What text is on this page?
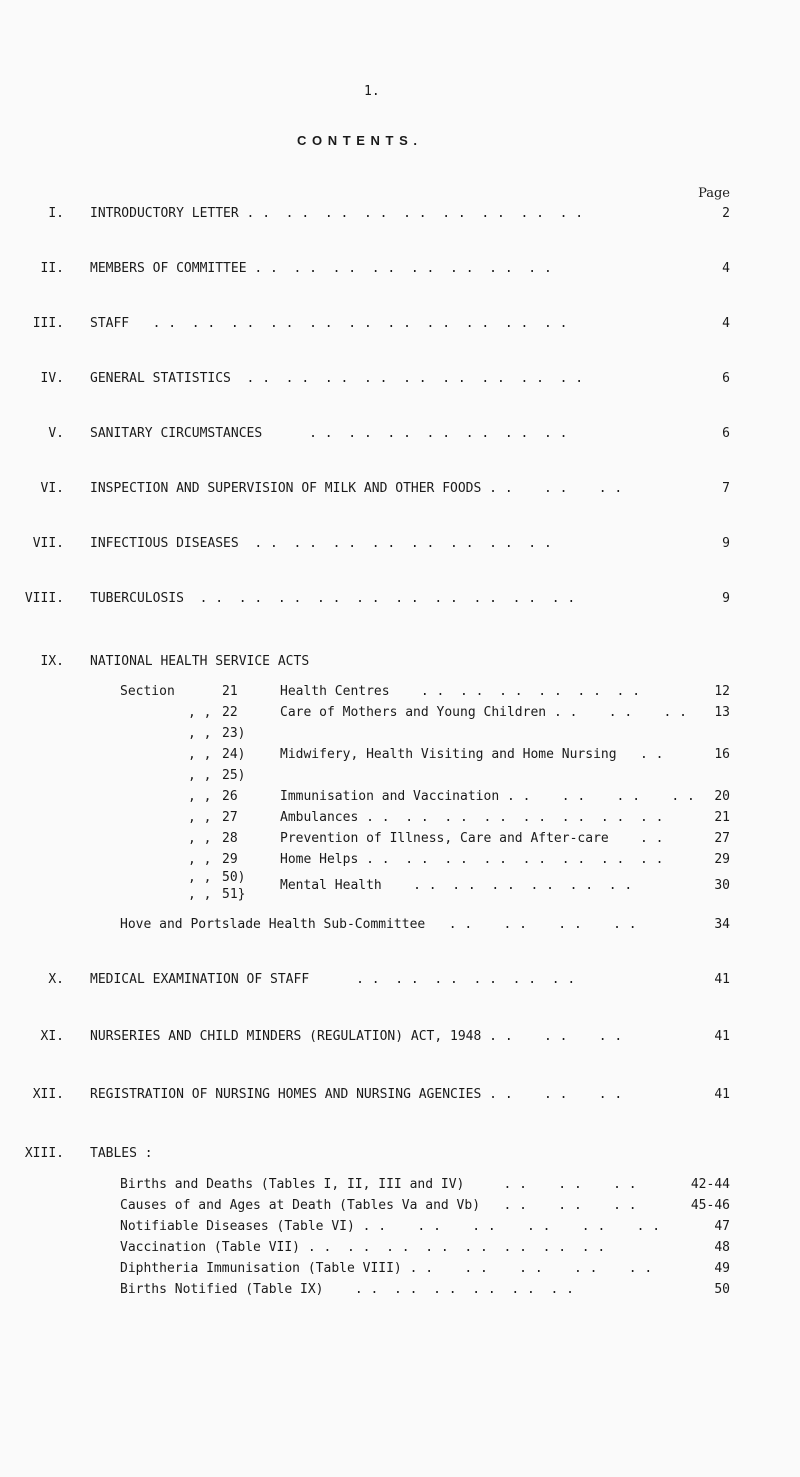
1.
C O N T E N T S .
Page
I. INTRODUCTORY LETTER . .  . .  . .  . .  . .  . .  . .  . .  . .	2
II. MEMBERS OF COMMITTEE . .  . .  . .  . .  . .  . .  . .  . .	4
III. STAFF   . .  . .  . .  . .  . .  . .  . .  . .  . .  . .  . .	4
IV. GENERAL STATISTICS  . .  . .  . .  . .  . .  . .  . .  . .  . .	6
V. SANITARY CIRCUMSTANCES      . .  . .  . .  . .  . .  . .  . .	6
VI. INSPECTION AND SUPERVISION OF MILK AND OTHER FOODS . .    . .    . .	7
VII. INFECTIOUS DISEASES  . .  . .  . .  . .  . .  . .  . .  . .	9
VIII. TUBERCULOSIS  . .  . .  . .  . .  . .  . .  . .  . .  . .  . .	9
IX. NATIONAL HEALTH SERVICE ACTS
Section	21	Health Centres    . .  . .  . .  . .  . .  . .	12
, , 22	Care of Mothers and Young Children . .    . .    . .	13
, , 23)
, , 24)	Midwifery, Health Visiting and Home Nursing   . .	16
, , 25)
, , 26	Immunisation and Vaccination . .    . .    . .    . .	20
, , 27	Ambulances . .  . .  . .  . .  . .  . .  . .  . .	21
, , 28	Prevention of Illness, Care and After-care    . .	27
, , 29	Home Helps . .  . .  . .  . .  . .  . .  . .  . .	29
, , 50)
, , 51}
Mental Health    . .  . .  . .  . .  . .  . .	30
Hove and Portslade Health Sub-Committee   . .    . .    . .    . .	34
X. MEDICAL EXAMINATION OF STAFF      . .  . .  . .  . .  . .  . .	41
XI. NURSERIES AND CHILD MINDERS (REGULATION) ACT, 1948 . .    . .    . .	41
XII. REGISTRATION OF NURSING HOMES AND NURSING AGENCIES . .    . .    . .	41
XIII. TABLES :
Births and Deaths (Tables I, II, III and IV)     . .    . .    . .	42-44
Causes of and Ages at Death (Tables Va and Vb)   . .    . .    . .	45-46
Notifiable Diseases (Table VI) . .    . .    . .    . .    . .    . .	47
Vaccination (Table VII) . .  . .  . .  . .  . .  . .  . .  . .	48
Diphtheria Immunisation (Table VIII) . .    . .    . .    . .    . .	49
Births Notified (Table IX)    . .  . .  . .  . .  . .  . .	50
